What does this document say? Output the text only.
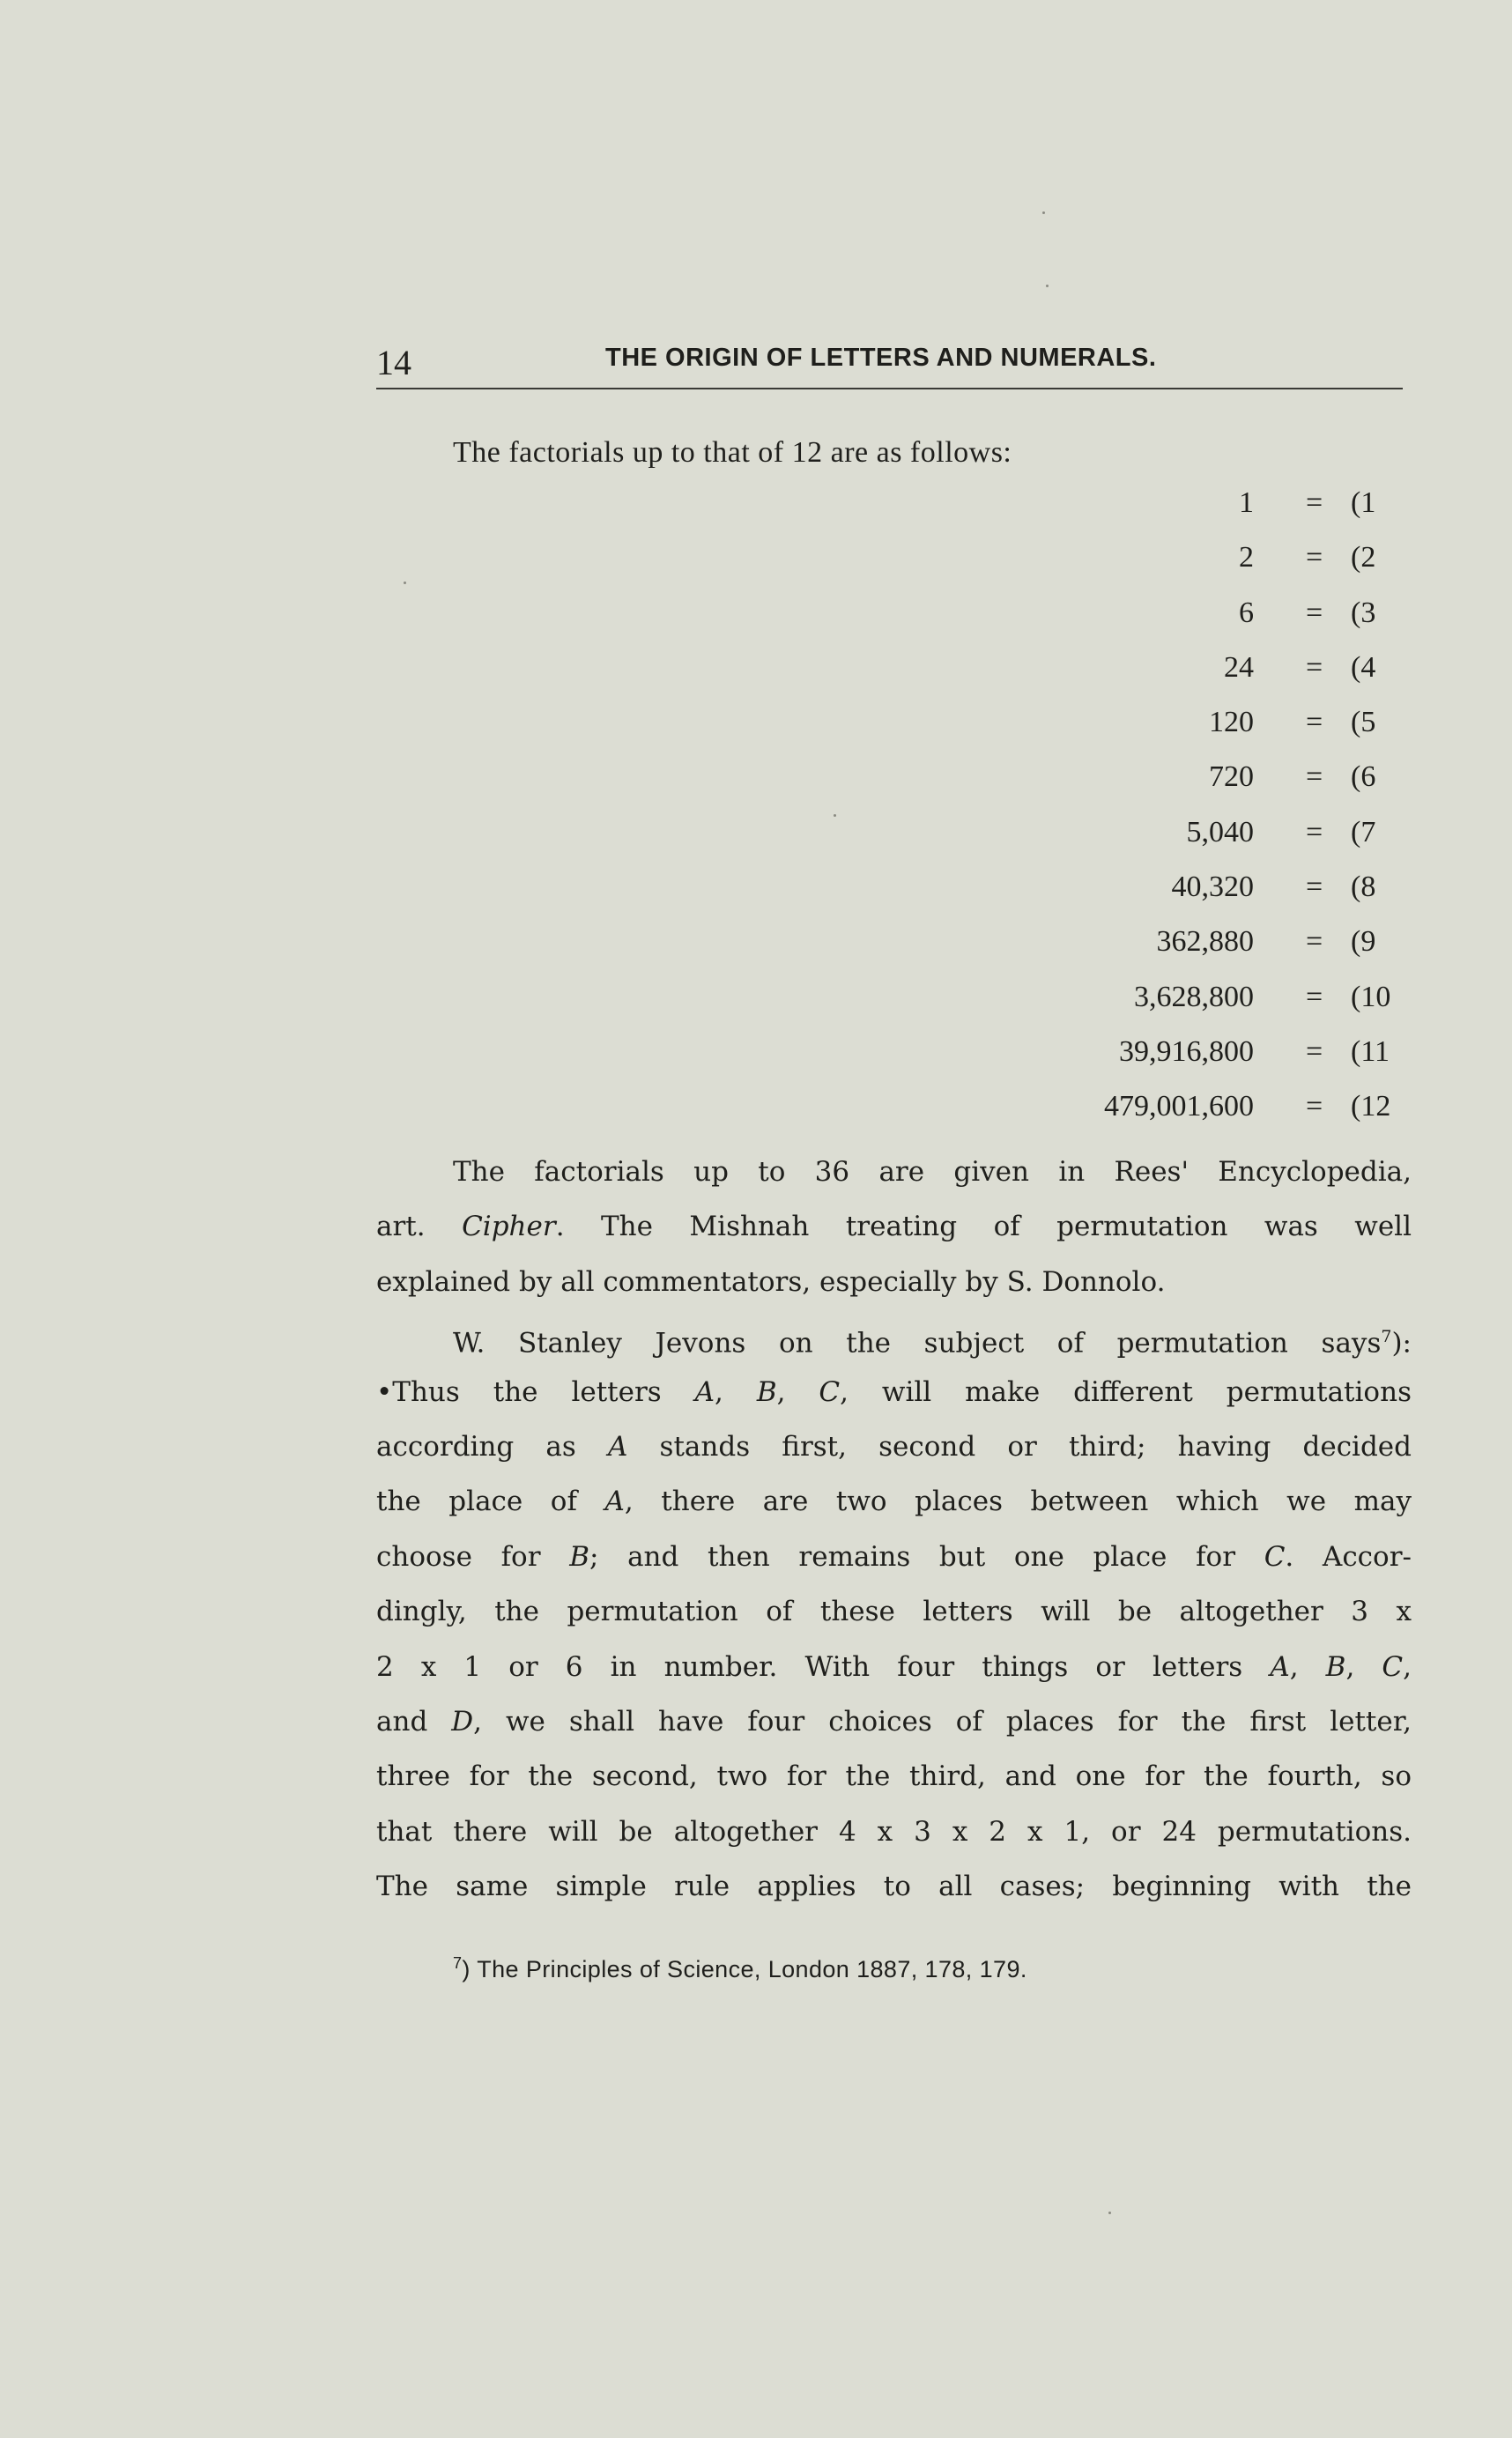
14	THE ORIGIN OF LETTERS AND NUMERALS.
The factorials up to that of 12 are as follows:
1 = (1
2 = (2
6 = (3
24 = (4
120 = (5
720 = (6
5,040 = (7
40,320 = (8
362,880 = (9
3,628,800 = (10
39,916,800 = (11
479,001,600 = (12
The factorials up to 36 are given in Rees' Encyclopedia,
art. Cipher. The Mishnah treating of permutation was well
explained by all commentators, especially by S. Donnolo.
W. Stanley Jevons on the subject of permutation says$^7$):
•Thus the letters A, B, C, will make different permutations
according as A stands first, second or third; having decided
the place of A, there are two places between which we may
choose for B; and then remains but one place for C. Accor-
dingly, the permutation of these letters will be altogether 3 x
2 x 1 or 6 in number. With four things or letters A, B, C,
and D, we shall have four choices of places for the first letter,
three for the second, two for the third, and one for the fourth, so
that there will be altogether 4 x 3 x 2 x 1, or 24 permutations.
The same simple rule applies to all cases; beginning with the
$^7$) The Principles of Science, London 1887, 178, 179.
